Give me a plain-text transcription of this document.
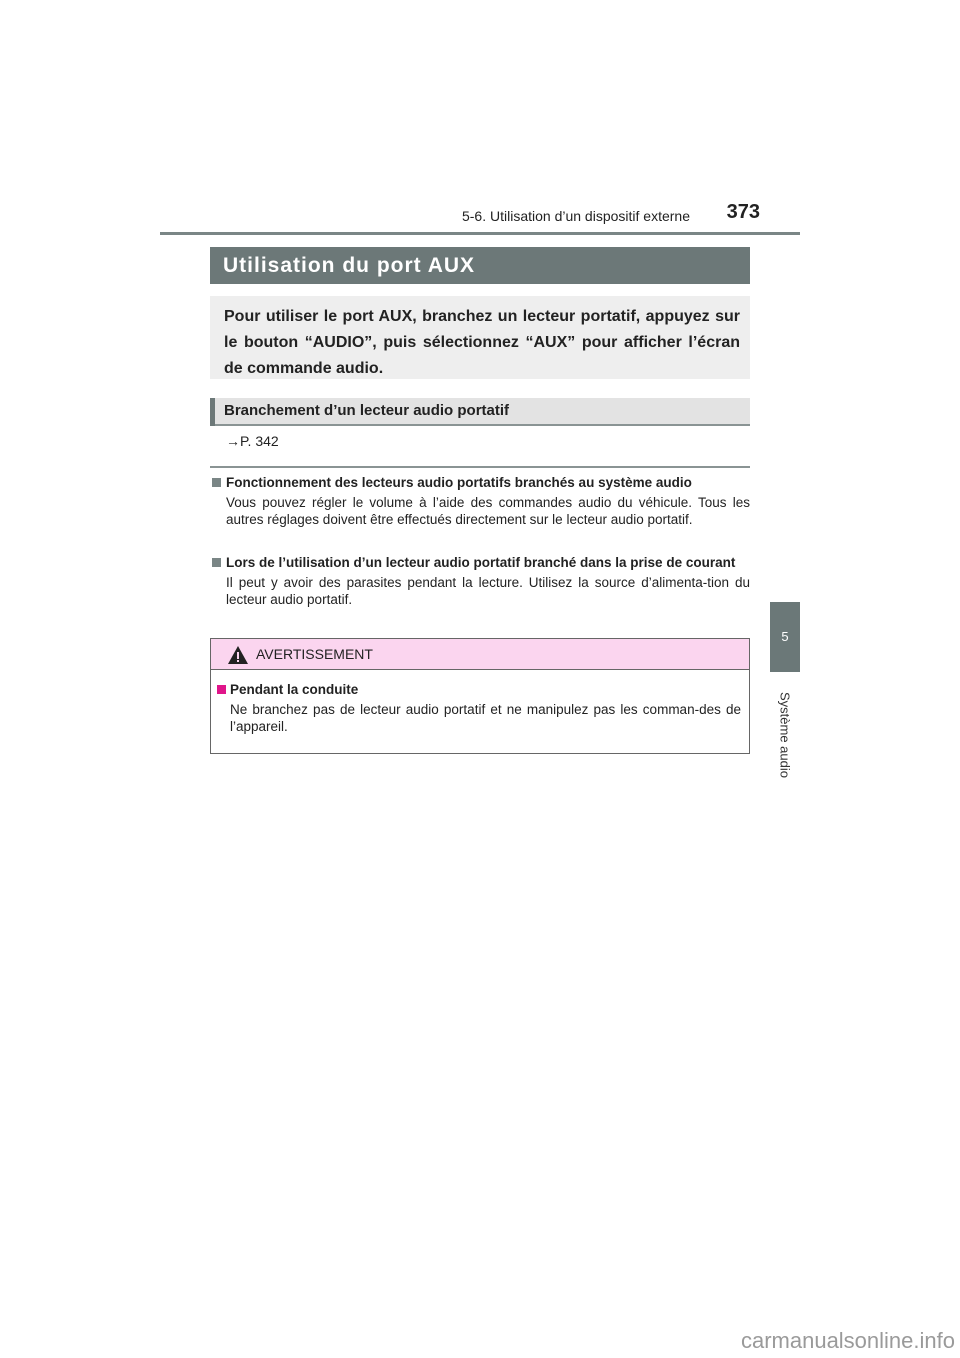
5-6. Utilisation d’un dispositif externe	373
5
Système audio
Utilisation du port AUX
Pour utiliser le port AUX, branchez un lecteur portatif, appuyez sur le bouton “AUDIO”, puis sélectionnez “AUX” pour afficher l’écran de commande audio.
Branchement d’un lecteur audio portatif
→P. 342
Fonctionnement des lecteurs audio portatifs branchés au système audio
Vous pouvez régler le volume à l’aide des commandes audio du véhicule. Tous les autres réglages doivent être effectués directement sur le lecteur audio portatif.
Lors de l’utilisation d’un lecteur audio portatif branché dans la prise de courant
Il peut y avoir des parasites pendant la lecture. Utilisez la source d’alimenta-tion du lecteur audio portatif.
AVERTISSEMENT
Pendant la conduite
Ne branchez pas de lecteur audio portatif et ne manipulez pas les comman-des de l’appareil.
carmanualsonline.info
